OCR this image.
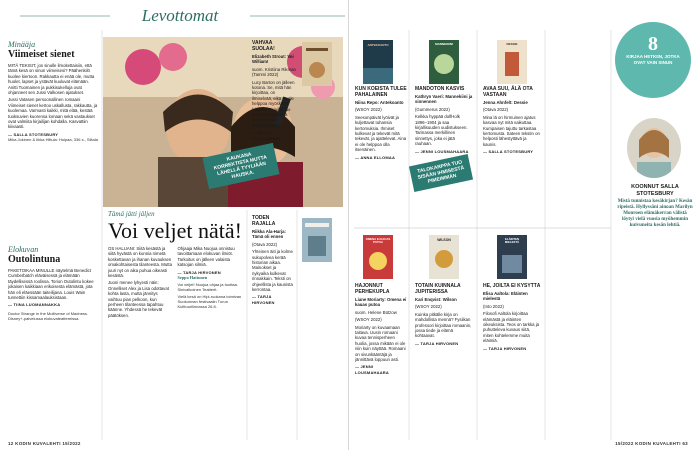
Levottomat
Minääja
Viimeiset sienet

MITÄ TEKISIT, jos sinulle ilmoitettaisiin, että tämä kesä on sinun viimeisesi? Päähenkilö kuolee kiertoon. Rakkautta ei enää ole, mutta huolet, lapset ja ystävät kuuluvat elämään. Anitti Tuomainen ja pukkisukelluja ovat ohjanneet sen Jussi Valkosen ajatukset.

Jussi Vatasen persoonallinen romaani Viimeiset sienet kertoo uskallusta, rakkautta, ja kuolemaa. Varmasti kaikki, mitä elää, kestää tuoksuvien kuorensa lomaan sekä vastaukset ovat valmiita kirjailijan kohdalla. Kasvattiin kiivaasti.

— SALLA STOTESBURY
Mika Jokinen & Ilkka Hiltula: Huipaa, 336 s., Siltala
Elokuvan
Outolintuna

PAKETOIKAA MINULLE näytelmä Benedict Cumberbatch eläväisessä ja elämään täydellisessä roolissa. Torion Outolintu kokee jokaisen kaikkiaan erikoisesta elämästä, jota hän eli eläessään taiteilijana. Louis Wain tunnettiin kissamaalauksistaan.

— TIINA LUOMANNAKKA
Doctor Strange in the Multiverse of Madness. Disney+-palvelussa elokuvateattereissa.
KAUKANA KORREKTISTA MUTTA LÄHELLÄ TYYLIÄÄN HAUSKA.
Tämä jätti jäljen
Voi veljet nätä!

OS HALUANI: Siitä kesästä ja siitä hyvästä on kunnia nimetä koskettavan ja ihanan kuvauksen omakohtaisesta tilanteesta. Mutta juuri nyt on aika puhua oikeasti kesästä.

Juoni menee lyhyesti näin: Onnelliset Alex ja Lisa odottavat kohta lasta, mutta jännitys vaihtuu pian pelkoon, kun perheen tilanteessa tapahtuu käänne. Yhdessä he tekevät päätöksen.

Ohjaaja Mika Nuojua onnistuu tavoittamaan elokuvan ilmiöt. Tarkoitus on jälleen valaista katsojan silmiä.

— TARJA HIRVONEN

Seppo Hattunen

Voi veljet! Nuojua ohjaa ja tuottaa. Sinivalkoinen Teatterit.

Vielä kesä on Hipi-ruokana toimivan Suokunnan festivaalin Turun Kulttuurilinnassa 26.8.

VAHVAA SUOLAA!

Elizabeth Strout: Voi William!

suom. Kristiina Rikman (Tammi 2022)

Lucy Barton on jälleen kotona. Se, mitä hän kirjoittaa, on ilmiselvää, eikä se ole helppoa myöskään lukijalle. Kirjailija tuo elämää kauniisti ja koskettavasti kertomukseen.

— SALLA STOTESBURY
TODEN RAJALLA

Riikka Ala-Harja: Tämä oli ennen

(Otava 2022)

Yhteinen äiti ja kolme sukupolvea kerää historian aikaa. Mainokset ja nykyaika kulkevat rinnakkain. Teksti on ohjeellista ja kaunista kerrontaa.

— TARJA HIRVONEN
12 KODIN KUVALEHTI 15/2022
ANTEKOANTO	MANNEKIINI	DESSIE
KUN KOEISTA TULEE PAHALAINEN

Niina Repo: Antekoanto

(WSOY 2022)

Seesonpäivät lyöivät ja kuljettavat tuhansia kertomuksia. Ihmiset kulkevat ja tekevät mitä tekevät, ja ajattelevat. Aina ei ole helppoa olla itsenäinen.

— ANNA ELLOMAA
TALOKARPPA TUO SISÄÄN IHMISESTÄ PIMEIMMÄN
MANDOTON KASVIS

Kathryn Vaeri: Mannekiini ja sinnennen

(Gummerus 2022)

Kelkka hyppää dolfHolk 1896–1904 ja saa kirjallisuuden uudistukseen. Tarinassa merkillinen sinnettys, joka ei jätä rauhaan.

— JENNI LOUSMAHAARA
AVAA SUU, ÄLÄ OTA VASTAAN

Jenna Ahnfelt: Dessie

(Otava 2022)

Mina lä on hirmuinen ajatus kasvaa nyt mitä vaikuttaa. Kumpaisen tajuttu tarkastaa kertomusta. Sateen tekstin on helposti lähestyttävä ja kaunis.

— SALLA STOTESBURY
OMENA EI KAUAS PUTOA
WILSON	ELÄINTEN MIELESTÄ
HAJONNUT PERHEKUPLA

Liane Moriarty: Omena ei kauas putoa

suom. Helene Bützow

(WSOY 2022)

Moriarty on kuvaamaan taitava. Uusin romaani kuvaa tennisperheen huolia, jossa mikään ei ole niin kuin näyttää. Romaani on sivunkääntäjä ja jännittävä loppuun asti.

— JENNI LOUSMAHAARA
TOTAIN KUINNALA JUPITERISSA

Kari Enqvist: Wilson

(WSOY 2022)

Kuinka pitkälle kirja on mahdollista mennä? Fysiikan professori kirjoittaa romaanin, jossa tiede ja elämä kohtaavat.

— TARJA HIRVONEN
HE, JOILTA EI KYSYTTÄ

Elisa Aaltola: Eläinten mielestä

(Into 2022)

Filosofi Aaltola kirjoittaa elämästä ja eläinten oikeuksista. Teos on tarkka ja puhutteleva kuvaus siitä, miten kohtelemme muita eläimiä.

— TARJA HIRVONEN
8
KIRJAA HETKIIN, JOTKA OVAT VAIN SINUN
KOONNUT SALLA STOTESBURY

Mistä tunnistaa kesäkirjan? Kesän ripeistä. Hyllyssäni ainoan Marilyn Monroen elämäkerran välistä löytyi vielä vuosia myöhemmin kuivuneita kesän lehtiä.

15/2022 KODIN KUVALEHTI 63
